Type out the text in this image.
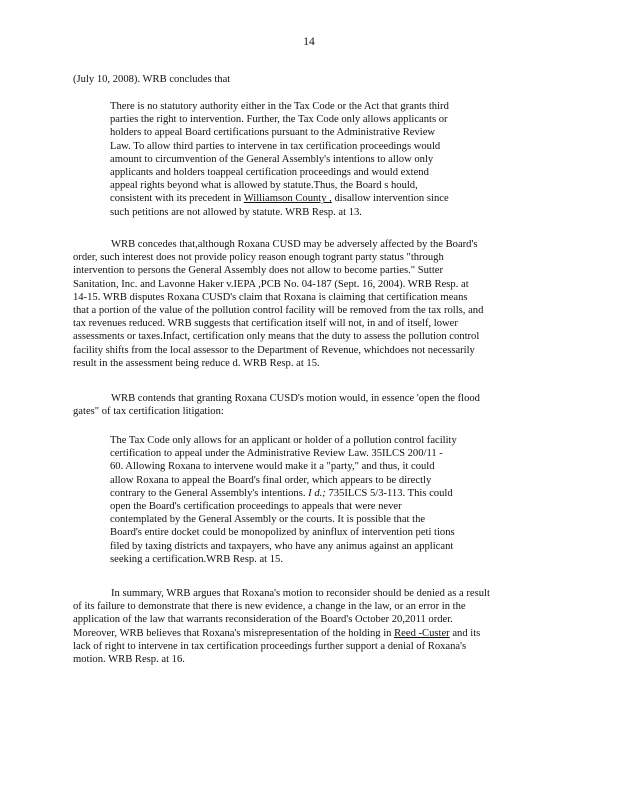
14
(July 10, 2008). WRB concludes that
There is no statutory authority either in the Tax Code or the Act that grants third
parties the right to intervention. Further, the Tax Code only allows applicants or
holders to appeal Board certifications pursuant to the Administrative Review
Law. To allow third parties to intervene in tax certification proceedings would
amount to circumvention of the General Assembly's intentions to allow only
applicants and holders toappeal certification proceedings and would extend
appeal rights beyond what is allowed by statute.Thus, the Board s hould,
consistent with its precedent in Williamson County , disallow intervention since
such petitions are not allowed by statute. WRB Resp. at 13.
WRB concedes that,although Roxana CUSD may be adversely affected by the Board's
order, such interest does not provide policy reason enough togrant party status "through
intervention to persons the General Assembly does not allow to become parties." Sutter
Sanitation, Inc. and Lavonne Haker v.IEPA ,PCB No. 04-187 (Sept. 16, 2004). WRB Resp. at
14-15. WRB disputes Roxana CUSD's claim that Roxana is claiming that certification means
that a portion of the value of the pollution control facility will be removed from the tax rolls, and
tax revenues reduced. WRB suggests that certification itself will not, in and of itself, lower
assessments or taxes.Infact, certification only means that the duty to assess the pollution control
facility shifts from the local assessor to the Department of Revenue, whichdoes not necessarily
result in the assessment being reduce d. WRB Resp. at 15.
WRB contends that granting Roxana CUSD's motion would, in essence 'open the flood
gates" of tax certification litigation:
The Tax Code only allows for an applicant or holder of a pollution control facility
certification to appeal under the Administrative Review Law. 35ILCS 200/11 -
60. Allowing Roxana to intervene would make it a "party," and thus, it could
allow Roxana to appeal the Board's final order, which appears to be directly
contrary to the General Assembly's intentions. I d.; 735ILCS 5/3-113. This could
open the Board's certification proceedings to appeals that were never
contemplated by the General Assembly or the courts. It is possible that the
Board's entire docket could be monopolized by aninflux of intervention peti tions
filed by taxing districts and taxpayers, who have any animus against an applicant
seeking a certification.WRB Resp. at 15.
In summary, WRB argues that Roxana's motion to reconsider should be denied as a result
of its failure to demonstrate that there is new evidence, a change in the law, or an error in the
application of the law that warrants reconsideration of the Board's October 20,2011 order.
Moreover, WRB believes that Roxana's misrepresentation of the holding in Reed -Custer and its
lack of right to intervene in tax certification proceedings further support a denial of Roxana's
motion. WRB Resp. at 16.
